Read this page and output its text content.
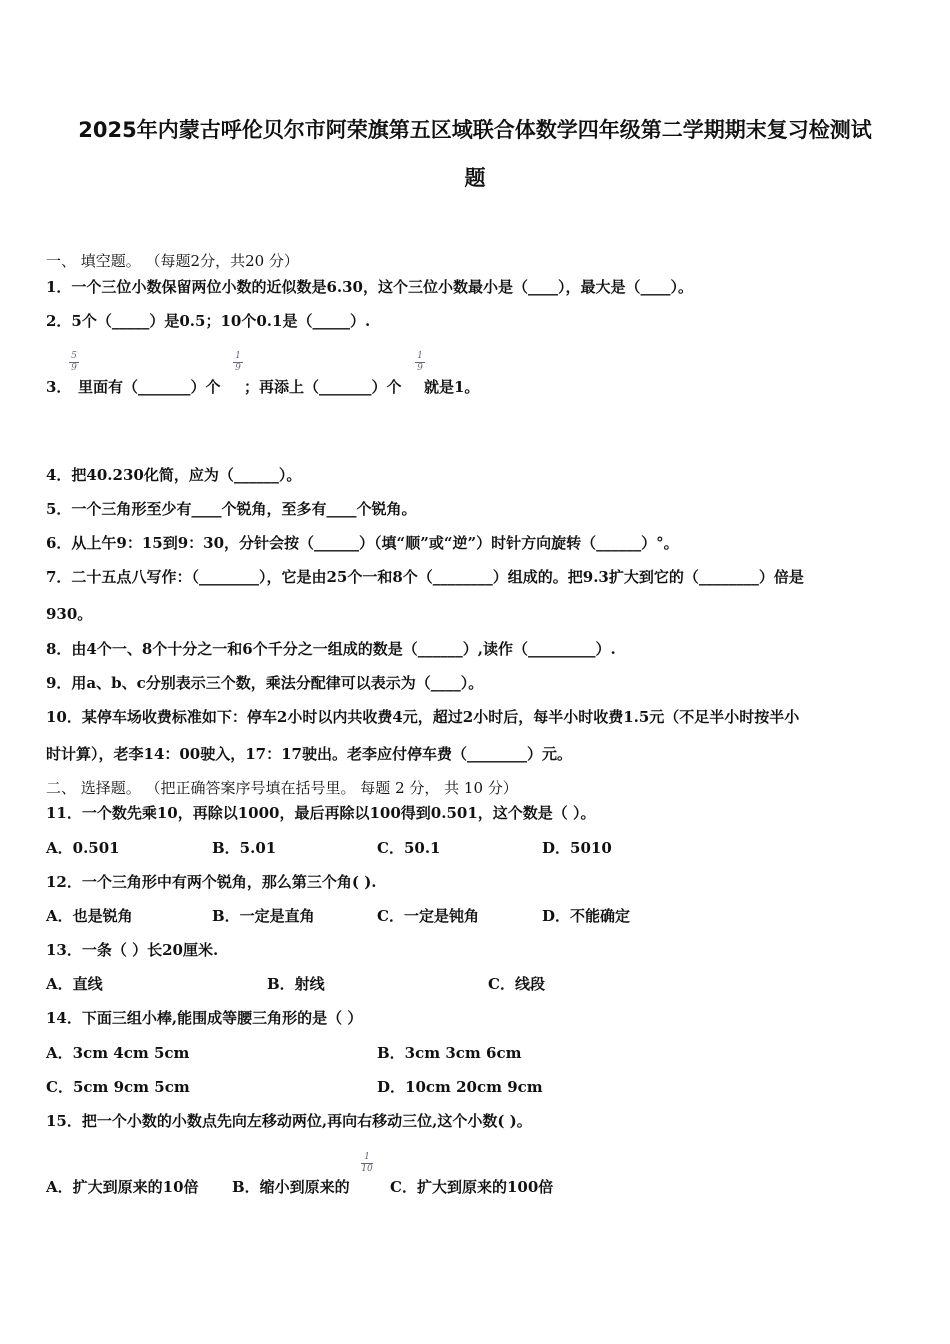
2025年内蒙古呼伦贝尔市阿荣旗第五区域联合体数学四年级第二学期期末复习检测试
题
一、 填空题。 （每题2分，共20 分）
1．一个三位小数保留两位小数的近似数是6.30，这个三位小数最小是（____），最大是（____）。
2．5个（_____）是0.5；10个0.1是（_____）.
3．
5
9
里面有（_______）个
1
9
；再添上（_______）个
1
9
就是1。
4．把40.230化简，应为（______）。
5．一个三角形至少有____个锐角，至多有____个锐角。
6．从上午9：15到9：30，分针会按（______）（填“顺”或“逆”）时针方向旋转（______）°。
7．二十五点八写作：（________），它是由25个一和8个（________）组成的。把9.3扩大到它的（________）倍是
930。
8．由4个一、8个十分之一和6个千分之一组成的数是（______）,读作（_________）.
9．用a、b、c分别表示三个数，乘法分配律可以表示为（____）。
10．某停车场收费标准如下：停车2小时以内共收费4元，超过2小时后，每半小时收费1.5元（不足半小时按半小
时计算），老李14：00驶入，17：17驶出。老李应付停车费（________）元。
二、 选择题。 （把正确答案序号填在括号里。 每题 2 分， 共 10 分）
11．一个数先乘10，再除以1000，最后再除以100得到0.501，这个数是（ ）。
A．0.501	B．5.01	C．50.1	D．5010
12．一个三角形中有两个锐角，那么第三个角( ).
A．也是锐角	B．一定是直角	C．一定是钝角	D．不能确定
13．一条（ ）长20厘米.
A．直线	B．射线	C．线段
14．下面三组小棒,能围成等腰三角形的是（ ）
A．3cm 4cm 5cm	B．3cm 3cm 6cm
C．5cm 9cm 5cm	D．10cm 20cm 9cm
15．把一个小数的小数点先向左移动两位,再向右移动三位,这个小数( )。
A．扩大到原来的10倍 B．缩小到原来的
1
10
C．扩大到原来的100倍
